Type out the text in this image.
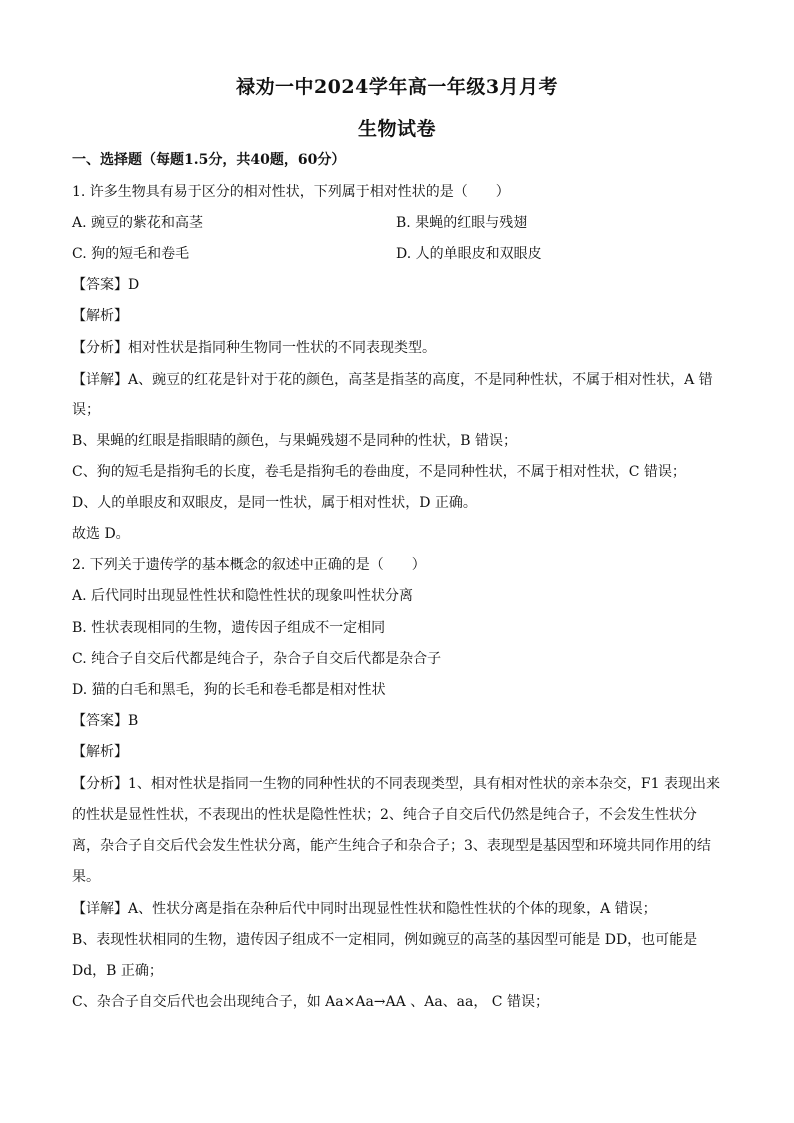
禄劝一中2024学年高一年级3月月考
生物试卷
一、选择题（每题1.5分，共40题，60分）
1. 许多生物具有易于区分的相对性状，下列属于相对性状的是（　　）
A. 豌豆的紫花和高茎	B. 果蝇的红眼与残翅
C. 狗的短毛和卷毛	D. 人的单眼皮和双眼皮
【答案】D
【解析】
【分析】相对性状是指同种生物同一性状的不同表现类型。
【详解】A、豌豆的红花是针对于花的颜色，高茎是指茎的高度，不是同种性状，不属于相对性状，A 错
误；
B、果蝇的红眼是指眼睛的颜色，与果蝇残翅不是同种的性状，B 错误；
C、狗的短毛是指狗毛的长度，卷毛是指狗毛的卷曲度，不是同种性状，不属于相对性状，C 错误；
D、人的单眼皮和双眼皮，是同一性状，属于相对性状，D 正确。
故选 D。
2. 下列关于遗传学的基本概念的叙述中正确的是（　　）
A. 后代同时出现显性性状和隐性性状的现象叫性状分离
B. 性状表现相同的生物，遗传因子组成不一定相同
C. 纯合子自交后代都是纯合子，杂合子自交后代都是杂合子
D. 猫的白毛和黑毛，狗的长毛和卷毛都是相对性状
【答案】B
【解析】
【分析】1、相对性状是指同一生物的同种性状的不同表现类型，具有相对性状的亲本杂交，F1 表现出来
的性状是显性性状，不表现出的性状是隐性性状；2、纯合子自交后代仍然是纯合子，不会发生性状分
离，杂合子自交后代会发生性状分离，能产生纯合子和杂合子；3、表现型是基因型和环境共同作用的结
果。
【详解】A、性状分离是指在杂种后代中同时出现显性性状和隐性性状的个体的现象，A 错误；
B、表现性状相同的生物，遗传因子组成不一定相同，例如豌豆的高茎的基因型可能是 DD，也可能是
Dd，B 正确；
C、杂合子自交后代也会出现纯合子，如 Aa×Aa→AA 、Aa、aa， C 错误；
